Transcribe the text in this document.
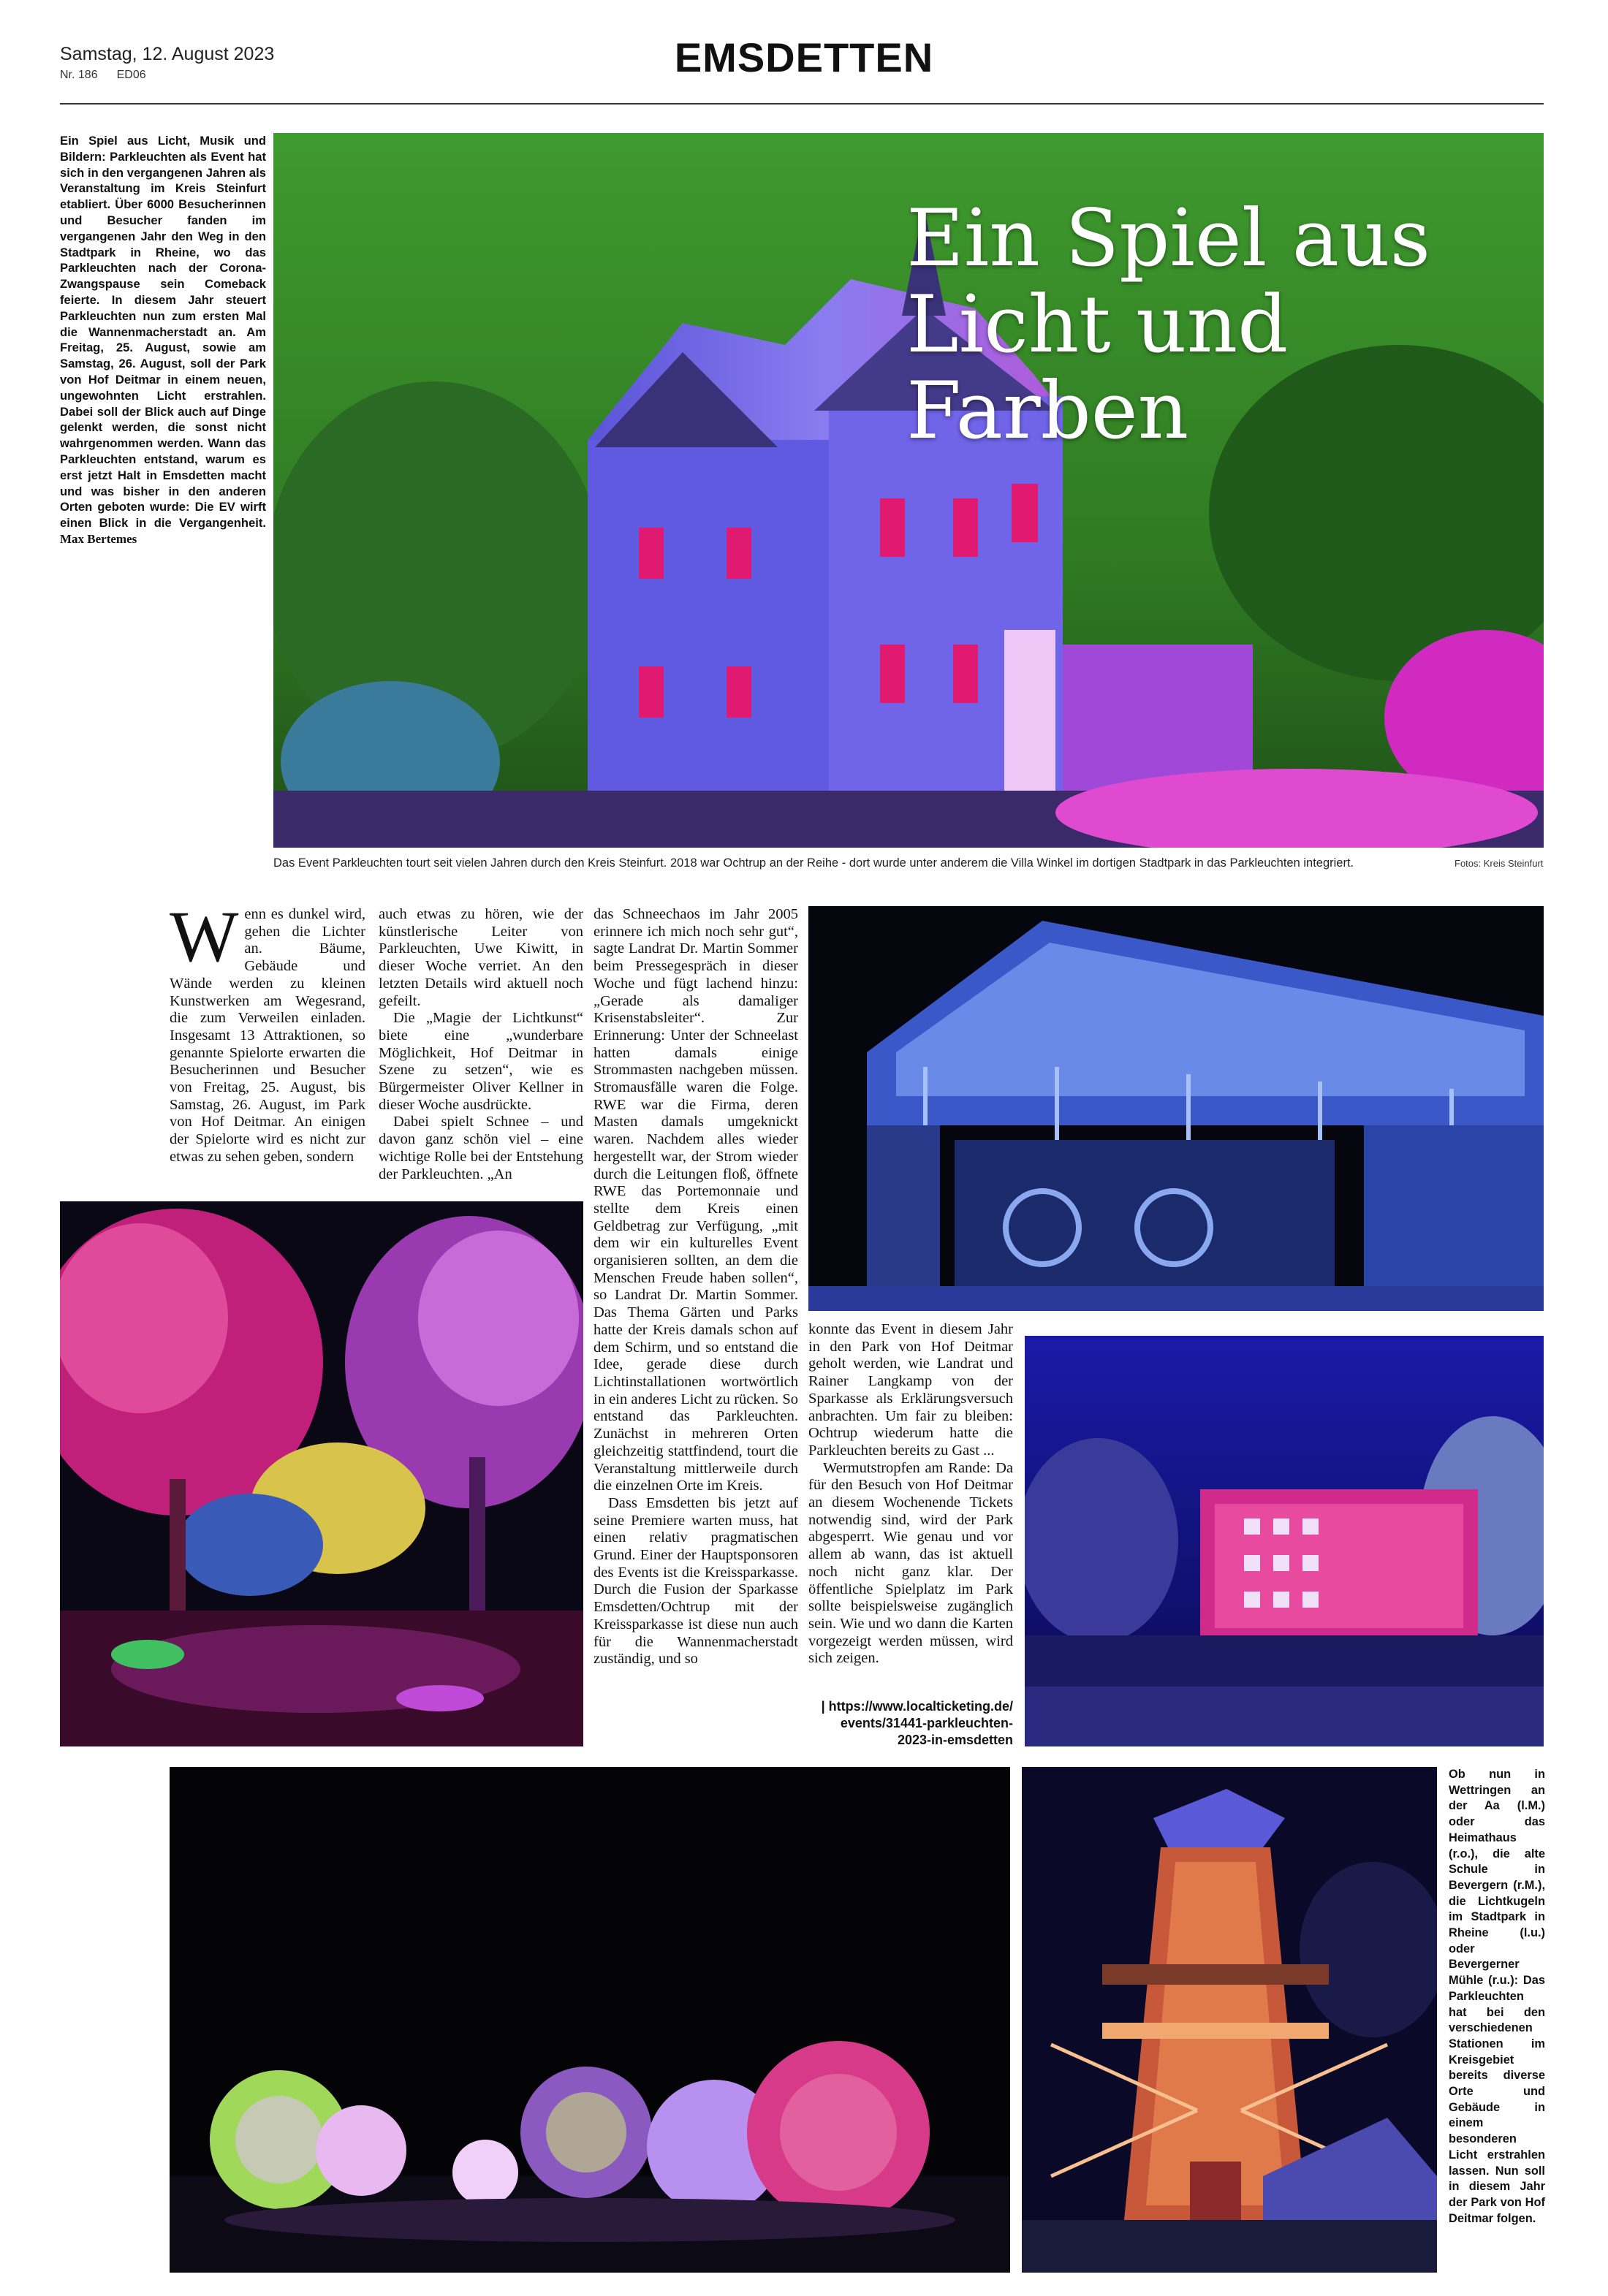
Samstag, 12. August 2023
Nr. 186 ED06	EMSDETTEN
Ein Spiel aus Licht, Musik und Bildern: Parkleuchten als Event hat sich in den vergangenen Jahren als Veranstaltung im Kreis Steinfurt etabliert. Über 6000 Besucherinnen und Besucher fanden im vergangenen Jahr den Weg in den Stadtpark in Rheine, wo das Parkleuchten nach der Corona-Zwangspause sein Comeback feierte. In diesem Jahr steuert Parkleuchten nun zum ersten Mal die Wannenmacherstadt an. Am Freitag, 25. August, sowie am Samstag, 26. August, soll der Park von Hof Deitmar in einem neuen, ungewohnten Licht erstrahlen. Dabei soll der Blick auch auf Dinge gelenkt werden, die sonst nicht wahrgenommen werden. Wann das Parkleuchten entstand, warum es erst jetzt Halt in Emsdetten macht und was bisher in den anderen Orten geboten wurde: Die EV wirft einen Blick in die Vergangenheit. Max Bertemes
Ein Spiel aus
Licht und Farben
Das Event Parkleuchten tourt seit vielen Jahren durch den Kreis Steinfurt. 2018 war Ochtrup an der Reihe - dort wurde unter anderem die Villa Winkel im dortigen Stadtpark in das Parkleuchten integriert.	Fotos: Kreis Steinfurt
Wenn es dunkel wird, gehen die Lichter an. Bäume, Gebäude und Wände werden zu kleinen Kunstwerken am Wegesrand, die zum Verweilen einladen. Insgesamt 13 Attraktionen, so genannte Spielorte erwarten die Besucherinnen und Besucher von Freitag, 25. August, bis Samstag, 26. August, im Park von Hof Deitmar. An einigen der Spielorte wird es nicht zur etwas zu sehen geben, sondern

auch etwas zu hören, wie der künstlerische Leiter von Parkleuchten, Uwe Kiwitt, in dieser Woche verriet. An den letzten Details wird aktuell noch gefeilt.

Die „Magie der Lichtkunst“ biete eine „wunderbare Möglichkeit, Hof Deitmar in Szene zu setzen“, wie es Bürgermeister Oliver Kellner in dieser Woche ausdrückte.

Dabei spielt Schnee – und davon ganz schön viel – eine wichtige Rolle bei der Entstehung der Parkleuchten. „An

das Schneechaos im Jahr 2005 erinnere ich mich noch sehr gut“, sagte Landrat Dr. Martin Sommer beim Pressegespräch in dieser Woche und fügt lachend hinzu: „Gerade als damaliger Krisenstabsleiter“. Zur Erinnerung: Unter der Schneelast hatten damals einige Strommasten nachgeben müssen. Stromausfälle waren die Folge. RWE war die Firma, deren Masten damals umgeknickt waren. Nachdem alles wieder hergestellt war, der Strom wieder durch die Leitungen floß, öffnete RWE das Portemonnaie und stellte dem Kreis einen Geldbetrag zur Verfügung, „mit dem wir ein kulturelles Event organisieren sollten, an dem die Menschen Freude haben sollen“, so Landrat Dr. Martin Sommer. Das Thema Gärten und Parks hatte der Kreis damals schon auf dem Schirm, und so entstand die Idee, gerade diese durch Lichtinstallationen wortwörtlich in ein anderes Licht zu rücken. So entstand das Parkleuchten. Zunächst in mehreren Orten gleichzeitig stattfindend, tourt die Veranstaltung mittlerweile durch die einzelnen Orte im Kreis.

Dass Emsdetten bis jetzt auf seine Premiere warten muss, hat einen relativ pragmatischen Grund. Einer der Hauptsponsoren des Events ist die Kreissparkasse. Durch die Fusion der Sparkasse Emsdetten/Ochtrup mit der Kreissparkasse ist diese nun auch für die Wannenmacherstadt zuständig, und so

konnte das Event in diesem Jahr in den Park von Hof Deitmar geholt werden, wie Landrat und Rainer Langkamp von der Sparkasse als Erklärungsversuch anbrachten. Um fair zu bleiben: Ochtrup wiederum hatte die Parkleuchten bereits zu Gast ...

Wermutstropfen am Rande: Da für den Besuch von Hof Deitmar an diesem Wochenende Tickets notwendig sind, wird der Park abgesperrt. Wie genau und vor allem ab wann, das ist aktuell noch nicht ganz klar. Der öffentliche Spielplatz im Park sollte beispielsweise zugänglich sein. Wie und wo dann die Karten vorgezeigt werden müssen, wird sich zeigen.

| https://www.localticketing.de/
events/31441-parkleuchten-
2023-in-emsdetten
Ob nun in Wettringen an der Aa (l.M.) oder das Heimathaus (r.o.), die alte Schule in Bevergern (r.M.), die Lichtkugeln im Stadtpark in Rheine (l.u.) oder Bevergerner Mühle (r.u.): Das Parkleuchten hat bei den verschiedenen Stationen im Kreisgebiet bereits diverse Orte und Gebäude in einem besonderen Licht erstrahlen lassen. Nun soll in diesem Jahr der Park von Hof Deitmar folgen.
